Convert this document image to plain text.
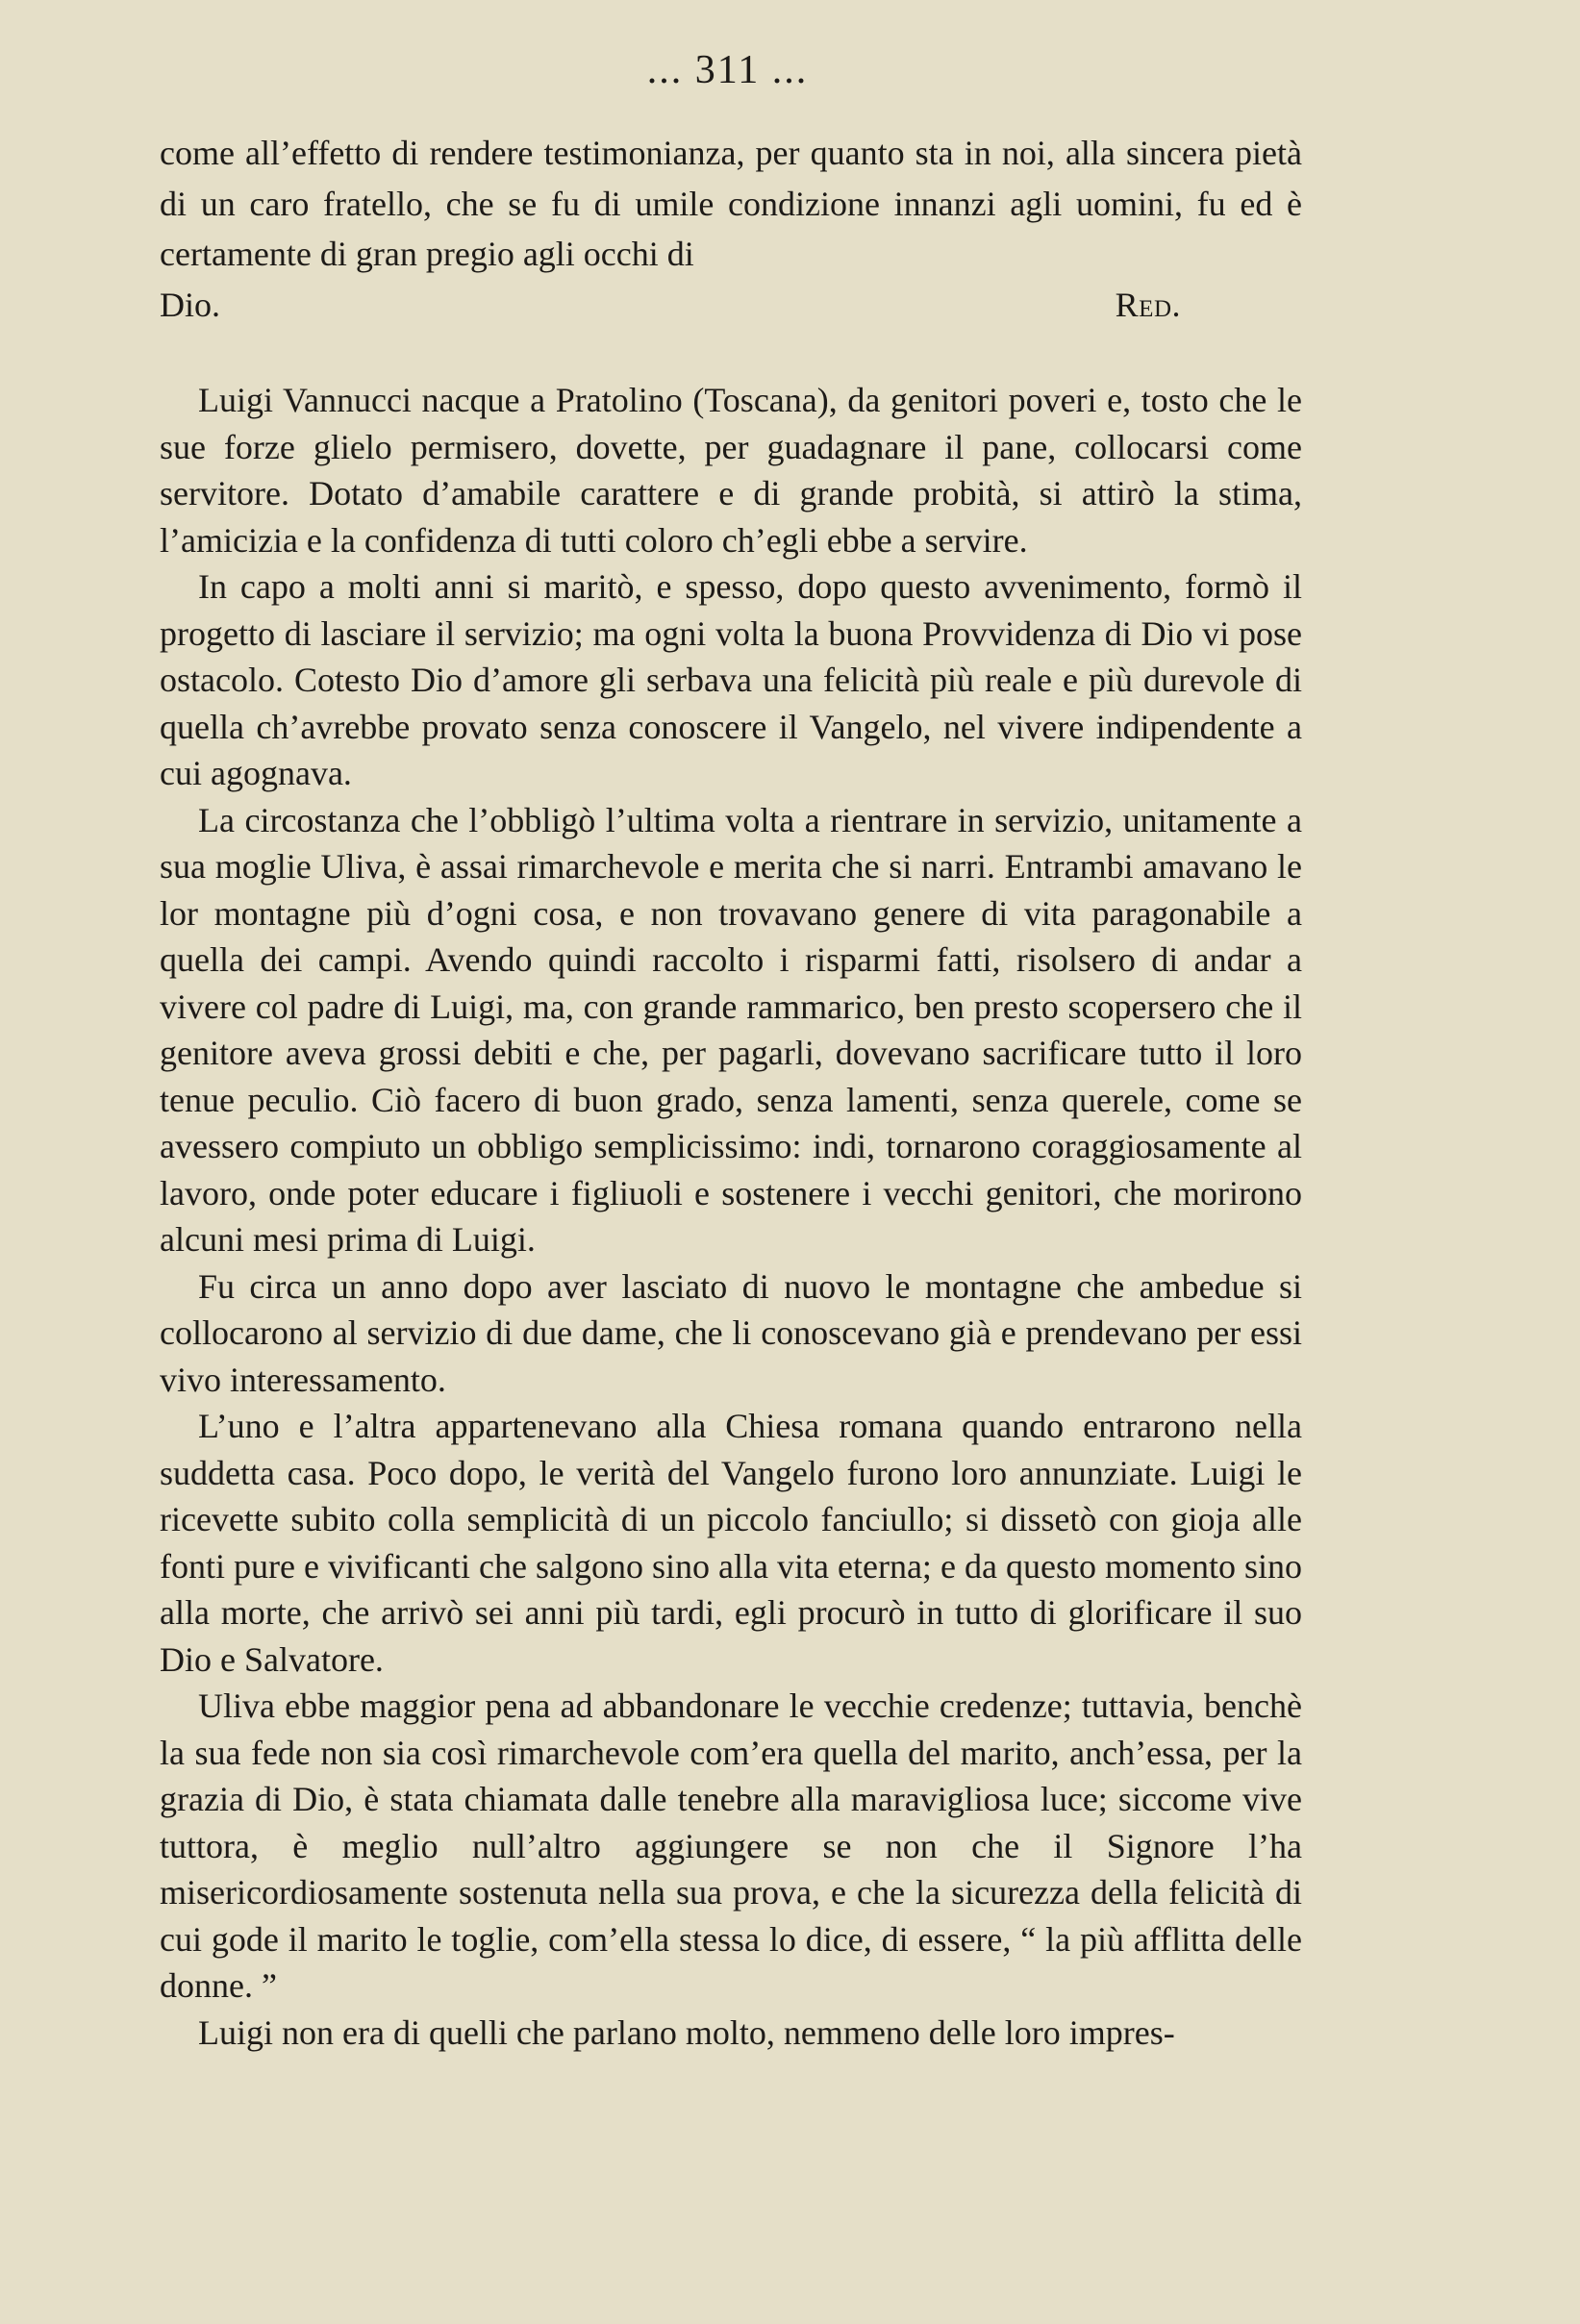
... 311 ...

come all’effetto di rendere testimonianza, per quanto sta in noi, alla sincera pietà di un caro fratello, che se fu di umile condizione innanzi agli uomini, fu ed è certamente di gran pregio agli occhi di

Dio.	Red.

Luigi Vannucci nacque a Pratolino (Toscana), da genitori poveri e, tosto che le sue forze glielo permisero, dovette, per guadagnare il pane, collocarsi come servitore. Dotato d’amabile carattere e di grande probità, si attirò la stima, l’amicizia e la confidenza di tutti coloro ch’egli ebbe a servire.

In capo a molti anni si maritò, e spesso, dopo questo avvenimento, formò il progetto di lasciare il servizio; ma ogni volta la buona Provvidenza di Dio vi pose ostacolo. Cotesto Dio d’amore gli serbava una felicità più reale e più durevole di quella ch’avrebbe provato senza conoscere il Vangelo, nel vivere indipendente a cui agognava.

La circostanza che l’obbligò l’ultima volta a rientrare in servizio, unitamente a sua moglie Uliva, è assai rimarchevole e merita che si narri. Entrambi amavano le lor montagne più d’ogni cosa, e non trovavano genere di vita paragonabile a quella dei campi. Avendo quindi raccolto i risparmi fatti, risolsero di andar a vivere col padre di Luigi, ma, con grande rammarico, ben presto scopersero che il genitore aveva grossi debiti e che, per pagarli, dovevano sacrificare tutto il loro tenue peculio. Ciò facero di buon grado, senza lamenti, senza querele, come se avessero compiuto un obbligo semplicissimo: indi, tornarono coraggiosamente al lavoro, onde poter educare i figliuoli e sostenere i vecchi genitori, che morirono alcuni mesi prima di Luigi.

Fu circa un anno dopo aver lasciato di nuovo le montagne che ambedue si collocarono al servizio di due dame, che li conoscevano già e prendevano per essi vivo interessamento.

L’uno e l’altra appartenevano alla Chiesa romana quando entrarono nella suddetta casa. Poco dopo, le verità del Vangelo furono loro annunziate. Luigi le ricevette subito colla semplicità di un piccolo fanciullo; si dissetò con gioja alle fonti pure e vivificanti che salgono sino alla vita eterna; e da questo momento sino alla morte, che arrivò sei anni più tardi, egli procurò in tutto di glorificare il suo Dio e Salvatore.

Uliva ebbe maggior pena ad abbandonare le vecchie credenze; tuttavia, benchè la sua fede non sia così rimarchevole com’era quella del marito, anch’essa, per la grazia di Dio, è stata chiamata dalle tenebre alla maravigliosa luce; siccome vive tuttora, è meglio null’altro aggiungere se non che il Signore l’ha misericordiosamente sostenuta nella sua prova, e che la sicurezza della felicità di cui gode il marito le toglie, com’ella stessa lo dice, di essere, “ la più afflitta delle donne. ”

Luigi non era di quelli che parlano molto, nemmeno delle loro impres-
